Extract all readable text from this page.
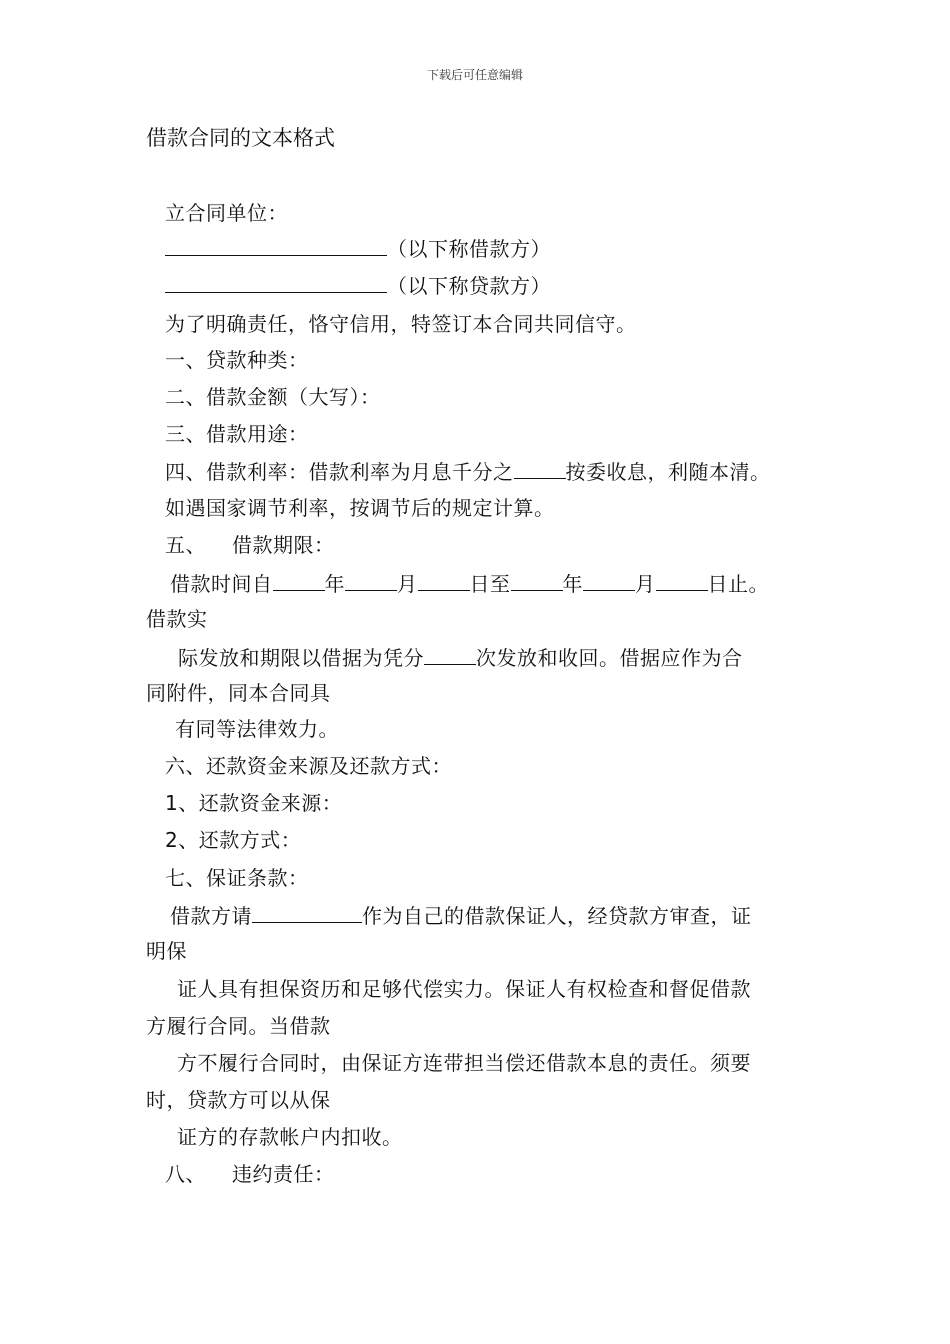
下载后可任意编辑
借款合同的文本格式
立合同单位：
（以下称借款方）
（以下称贷款方）
为了明确责任，恪守信用，特签订本合同共同信守。
一、贷款种类：
二、借款金额（大写）：
三、借款用途：
四、借款利率：借款利率为月息千分之	按委收息，利随本清。
如遇国家调节利率，按调节后的规定计算。
五、 借款期限：
借款时间自	年	月	日至	年	月	日止。
借款实
际发放和期限以借据为凭分	次发放和收回。借据应作为合
同附件，同本合同具
有同等法律效力。
六、还款资金来源及还款方式：
1、还款资金来源：
2、还款方式：
七、保证条款：
借款方请	作为自己的借款保证人，经贷款方审查，证
明保
证人具有担保资历和足够代偿实力。保证人有权检查和督促借款
方履行合同。当借款
方不履行合同时，由保证方连带担当偿还借款本息的责任。须要
时，贷款方可以从保
证方的存款帐户内扣收。
八、 违约责任：
